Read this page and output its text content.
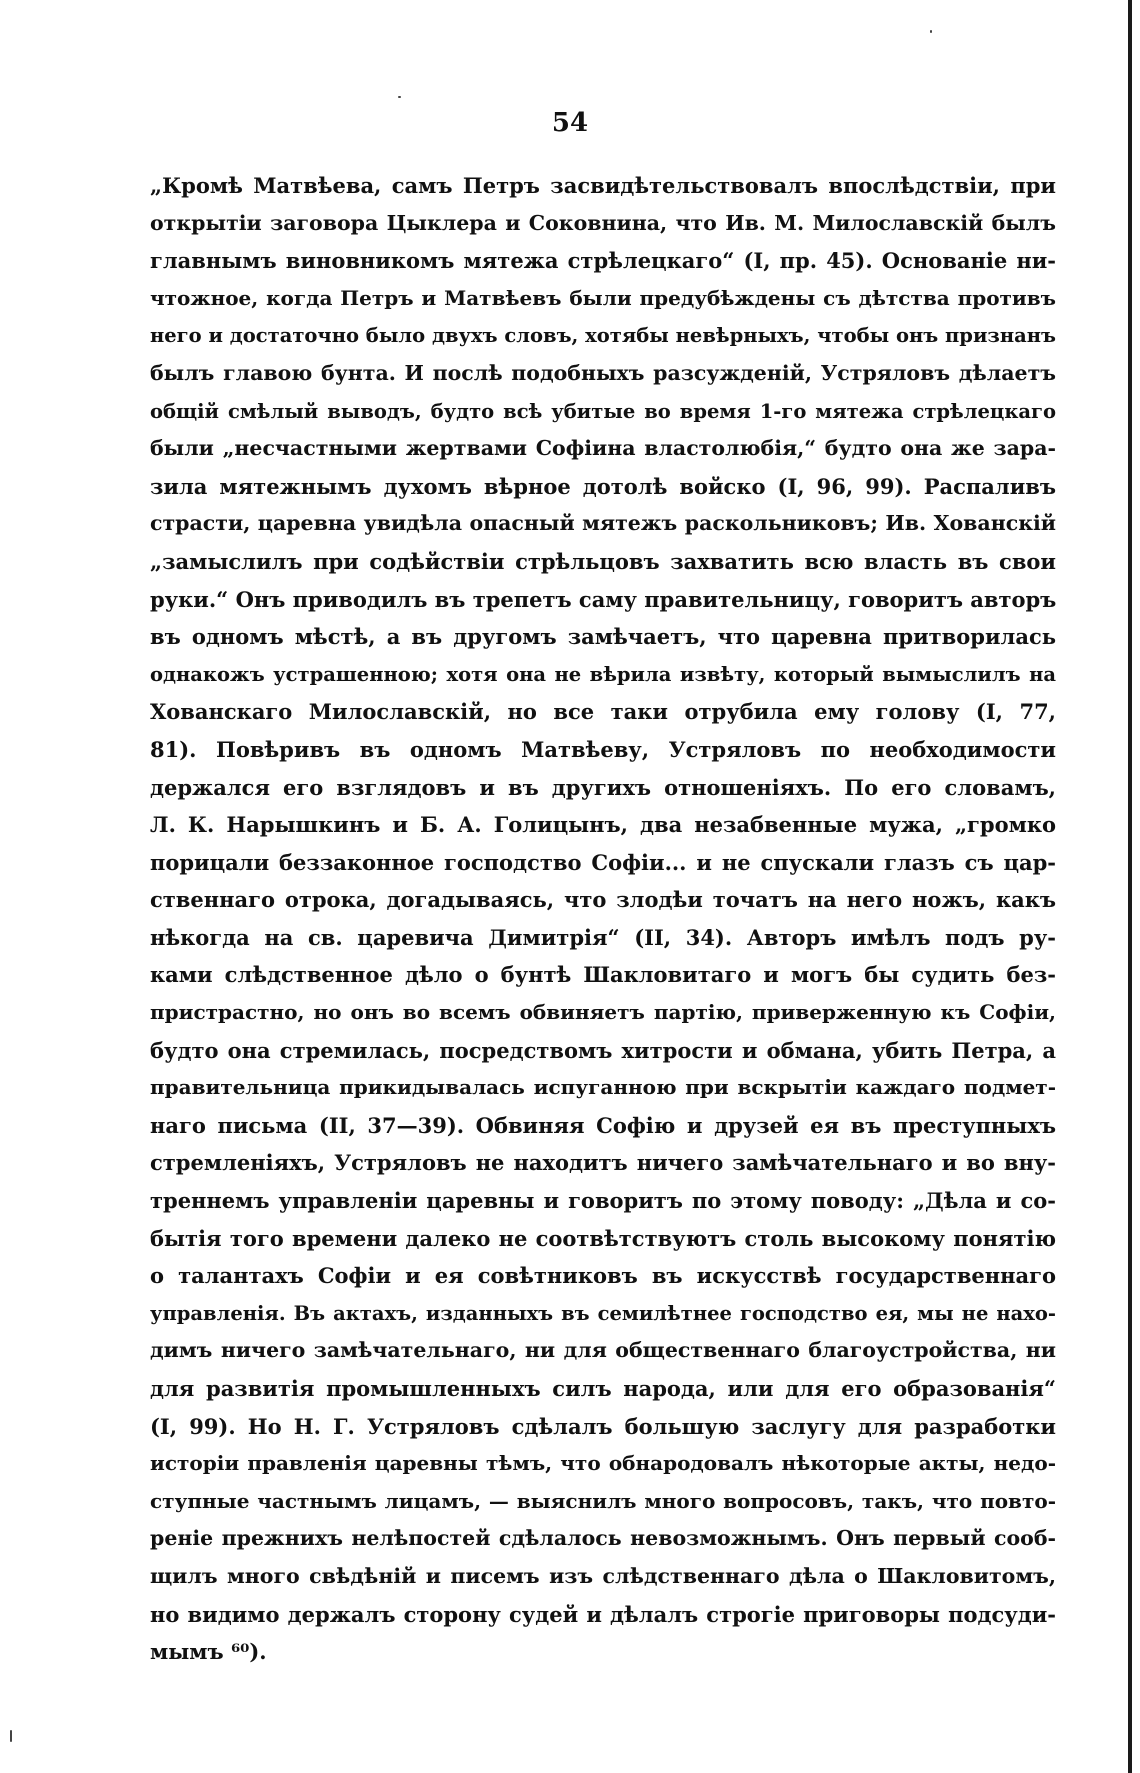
54
„Кромѣ Матвѣева, самъ Петръ засвидѣтельствовалъ впослѣдствіи, при
открытіи заговора Цыклера и Соковнина, что Ив. М. Милославскій былъ
главнымъ виновникомъ мятежа стрѣлецкаго“ (I, пр. 45). Основаніе ни-
чтожное, когда Петръ и Матвѣевъ были предубѣждены съ дѣтства противъ
него и достаточно было двухъ словъ, хотябы невѣрныхъ, чтобы онъ признанъ
былъ главою бунта. И послѣ подобныхъ разсужденій, Устряловъ дѣлаетъ
общій смѣлый выводъ, будто всѣ убитые во время 1-го мятежа стрѣлецкаго
были „несчастными жертвами Софіина властолюбія,“ будто она же зара-
зила мятежнымъ духомъ вѣрное дотолѣ войско (I, 96, 99). Распаливъ
страсти, царевна увидѣла опасный мятежъ раскольниковъ; Ив. Хованскій
„замыслилъ при содѣйствіи стрѣльцовъ захватить всю власть въ свои
руки.“ Онъ приводилъ въ трепетъ саму правительницу, говоритъ авторъ
въ одномъ мѣстѣ, а въ другомъ замѣчаетъ, что царевна притворилась
однакожъ устрашенною; хотя она не вѣрила извѣту, который вымыслилъ на
Хованскаго Милославскій, но все таки отрубила ему голову (I, 77,
81). Повѣривъ въ одномъ Матвѣеву, Устряловъ по необходимости
держался его взглядовъ и въ другихъ отношеніяхъ. По его словамъ,
Л. К. Нарышкинъ и Б. А. Голицынъ, два незабвенные мужа, „громко
порицали беззаконное господство Софіи... и не спускали глазъ съ цар-
ственнаго отрока, догадываясь, что злодѣи точатъ на него ножъ, какъ
нѣкогда на св. царевича Димитрія“ (II, 34). Авторъ имѣлъ подъ ру-
ками слѣдственное дѣло о бунтѣ Шакловитаго и могъ бы судить без-
пристрастно, но онъ во всемъ обвиняетъ партію, приверженную къ Софіи,
будто она стремилась, посредствомъ хитрости и обмана, убить Петра, а
правительница прикидывалась испуганною при вскрытіи каждаго подмет-
наго письма (II, 37—39). Обвиняя Софію и друзей ея въ преступныхъ
стремленіяхъ, Устряловъ не находитъ ничего замѣчательнаго и во вну-
треннемъ управленіи царевны и говоритъ по этому поводу: „Дѣла и со-
бытія того времени далеко не соотвѣтствуютъ столь высокому понятію
о талантахъ Софіи и ея совѣтниковъ въ искусствѣ государственнаго
управленія. Въ актахъ, изданныхъ въ семилѣтнее господство ея, мы не нахо-
димъ ничего замѣчательнаго, ни для общественнаго благоустройства, ни
для развитія промышленныхъ силъ народа, или для его образованія“
(I, 99). Но Н. Г. Устряловъ сдѣлалъ большую заслугу для разработки
исторіи правленія царевны тѣмъ, что обнародовалъ нѣкоторые акты, недо-
ступные частнымъ лицамъ, — выяснилъ много вопросовъ, такъ, что повто-
реніе прежнихъ нелѣпостей сдѣлалось невозможнымъ. Онъ первый сооб-
щилъ много свѣдѣній и писемъ изъ слѣдственнаго дѣла о Шакловитомъ,
но видимо держалъ сторону судей и дѣлалъ строгіе приговоры подсуди-
мымъ ⁶⁰).
